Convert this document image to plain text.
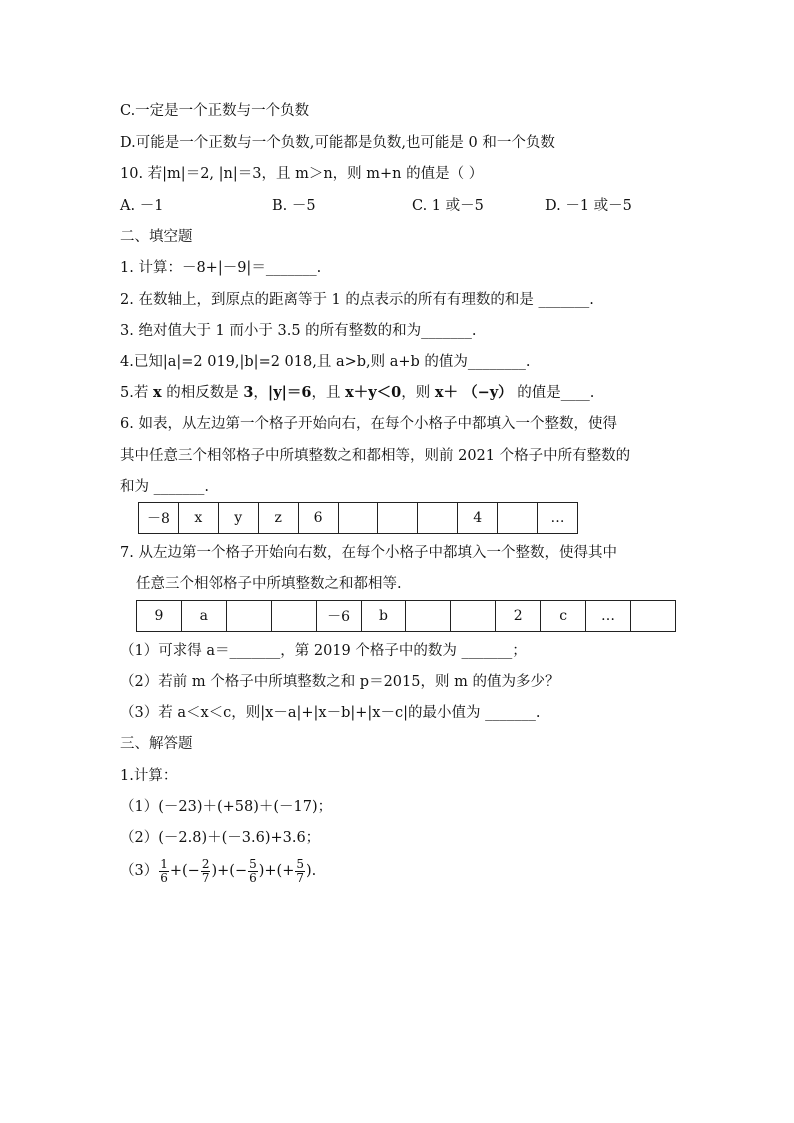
C.一定是一个正数与一个负数
D.可能是一个正数与一个负数,可能都是负数,也可能是 0 和一个负数
10. 若|m|＝2, |n|＝3，且 m＞n，则 m+n 的值是（ ）
A. －1	B. －5	C. 1 或－5	D. －1 或－5
二、填空题
1. 计算：－8+|－9|＝_______.
2. 在数轴上，到原点的距离等于 1 的点表示的所有有理数的和是 _______.
3. 绝对值大于 1 而小于 3.5 的所有整数的和为_______.
4.已知|a|=2 019,|b|=2 018,且 a>b,则 a+b 的值为________.
5.若 x 的相反数是 3，|y|＝6，且 x＋y＜0，则 x＋ （−y） 的值是____.
6. 如表，从左边第一个格子开始向右，在每个小格子中都填入一个整数，使得
其中任意三个相邻格子中所填整数之和都相等，则前 2021 个格子中所有整数的
和为 _______.
－8	x	y	z	6				4		…
7. 从左边第一个格子开始向右数，在每个小格子中都填入一个整数，使得其中
任意三个相邻格子中所填整数之和都相等.
9	a			－6	b			2	c	…	
（1）可求得 a＝_______，第 2019 个格子中的数为 _______；
（2）若前 m 个格子中所填整数之和 p＝2015，则 m 的值为多少？
（3）若 a＜x＜c，则|x－a|+|x－b|+|x－c|的最小值为 _______.
三、解答题
1.计算：
（1）(－23)＋(+58)＋(－17)；
（2）(－2.8)＋(－3.6)+3.6；
$(3) \frac{1}{6}$ +(− $\frac{2}{7}$ )+(− $\frac{5}{6}$ )+(+ $\frac{5}{7}$ ).
